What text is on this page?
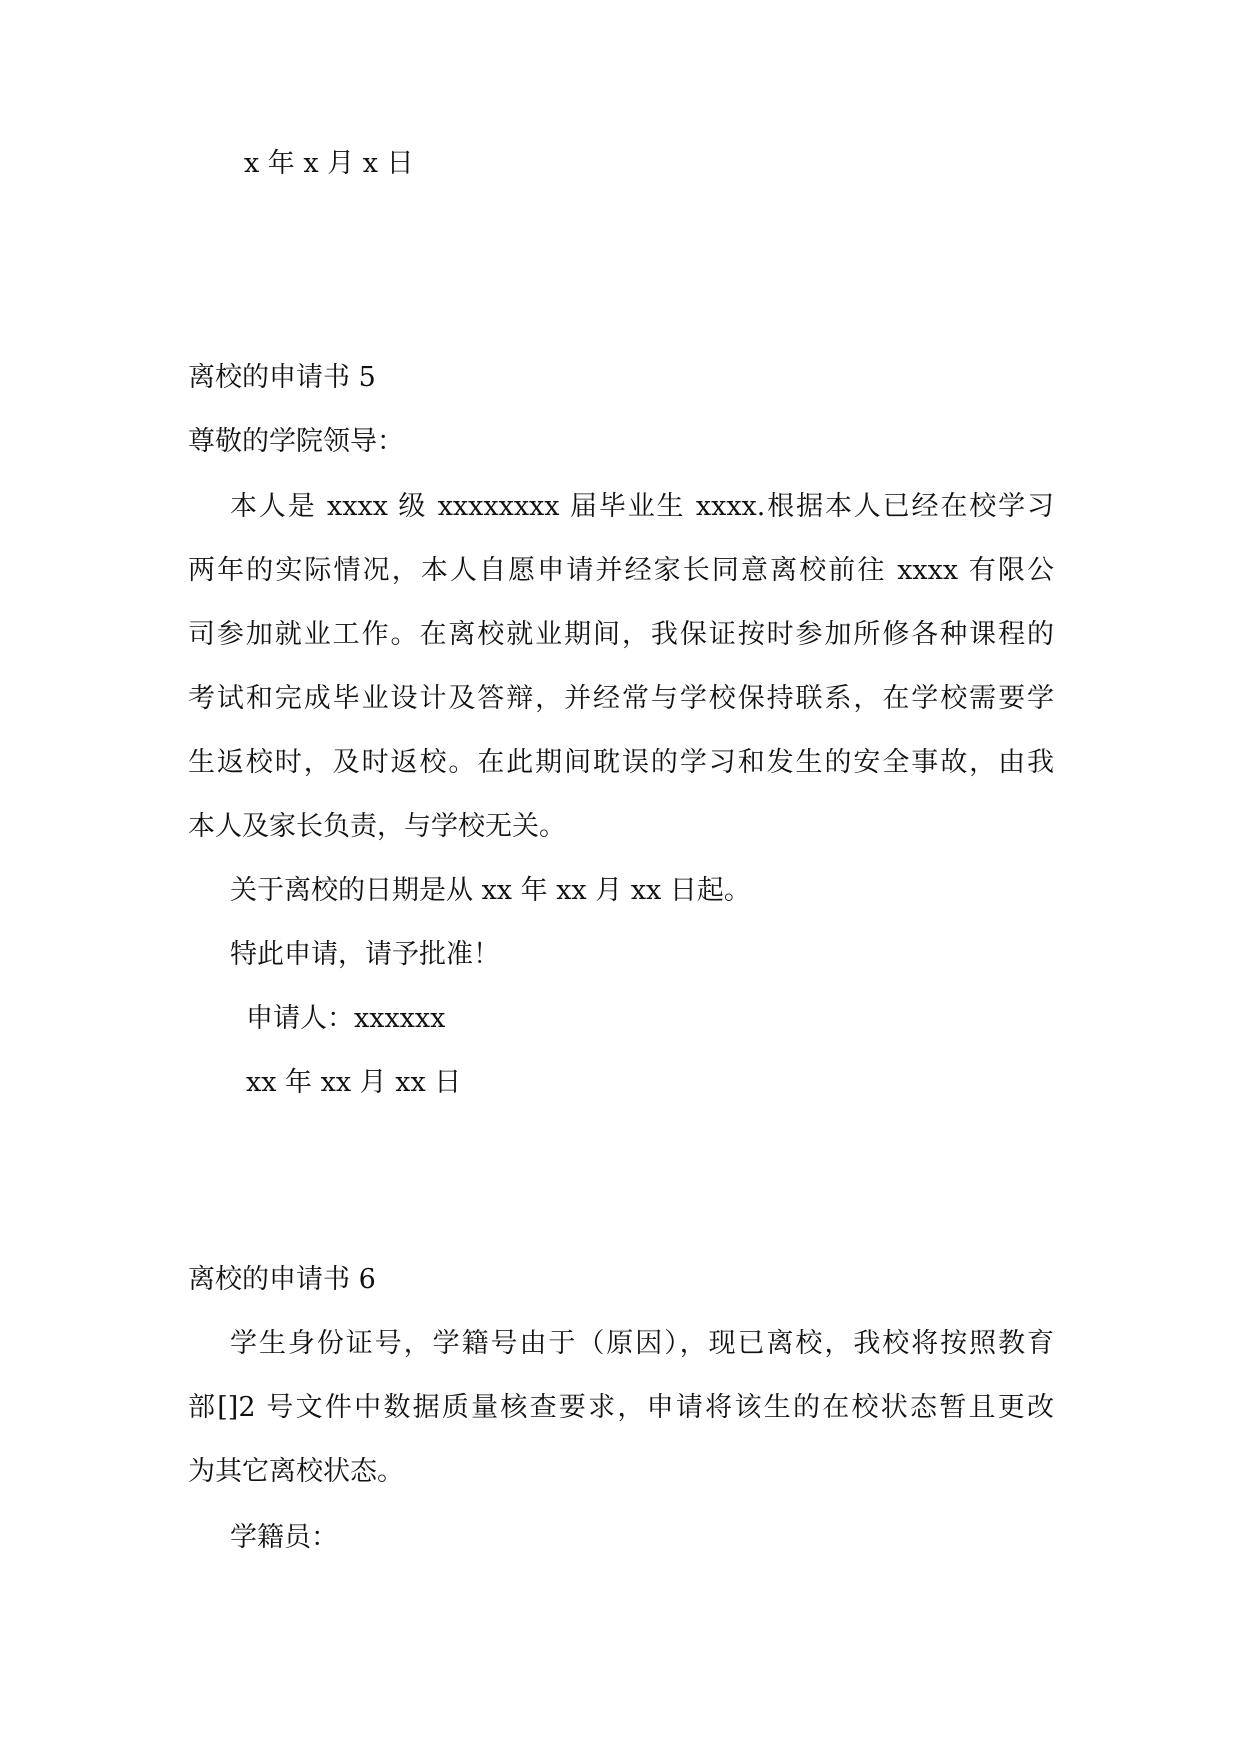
x 年 x 月 x 日
离校的申请书 5
尊敬的学院领导：
本人是 xxxx 级 xxxxxxxx 届毕业生 xxxx.根据本人已经在校学习
两年的实际情况，本人自愿申请并经家长同意离校前往 xxxx 有限公
司参加就业工作。在离校就业期间，我保证按时参加所修各种课程的
考试和完成毕业设计及答辩，并经常与学校保持联系，在学校需要学
生返校时，及时返校。在此期间耽误的学习和发生的安全事故，由我
本人及家长负责，与学校无关。
关于离校的日期是从 xx 年 xx 月 xx 日起。
特此申请，请予批准！
申请人：xxxxxx
xx 年 xx 月 xx 日
离校的申请书 6
学生身份证号，学籍号由于（原因），现已离校，我校将按照教育
部[]2 号文件中数据质量核查要求，申请将该生的在校状态暂且更改
为其它离校状态。
学籍员：
